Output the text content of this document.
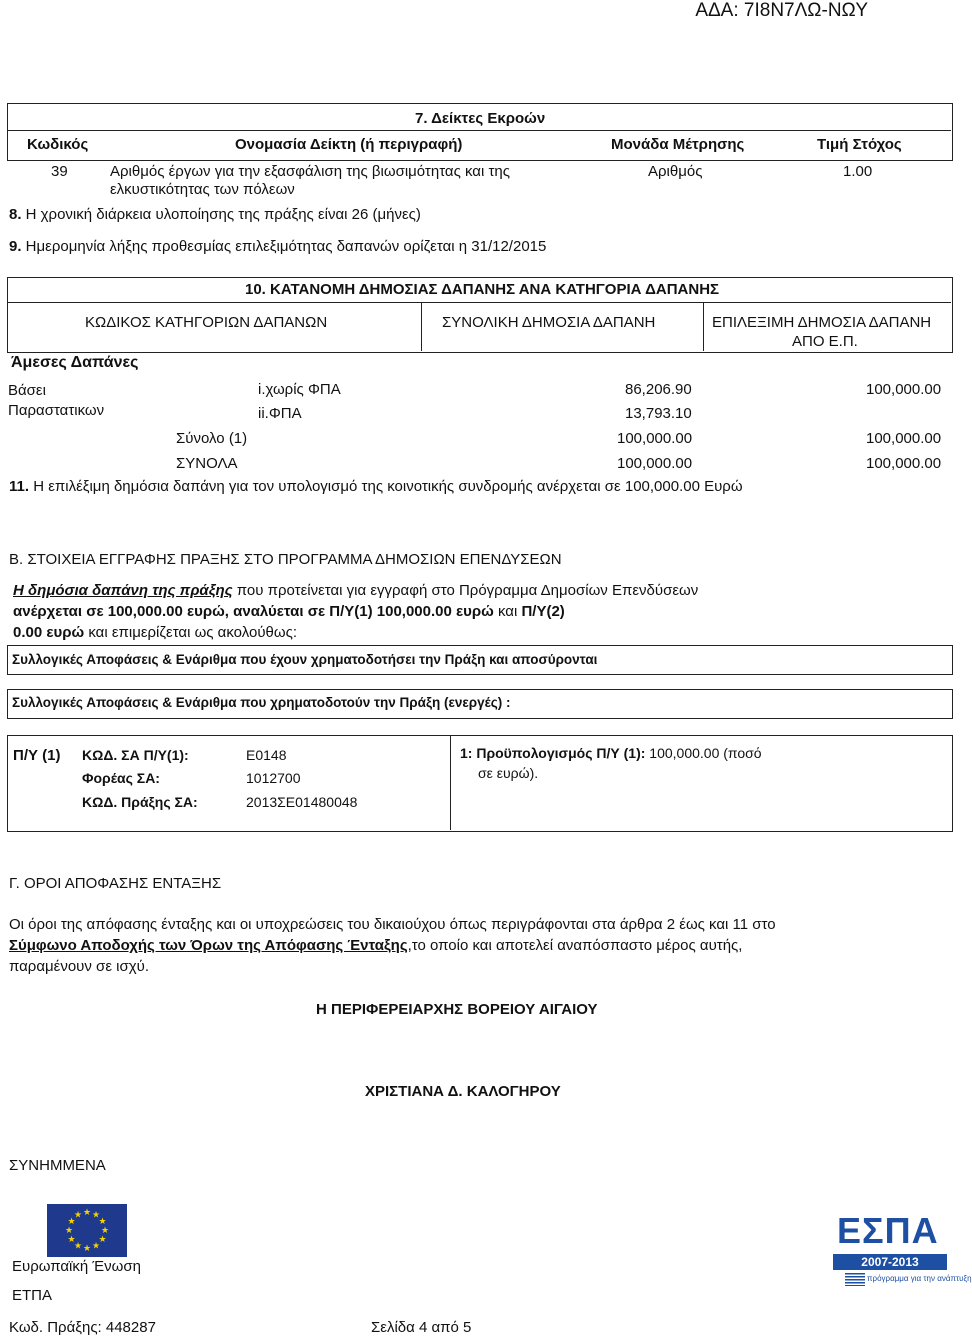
ΑΔΑ: 7Ι8Ν7ΛΩ-ΝΩΥ
7. Δείκτες Εκροών
Κωδικός	Ονομασία Δείκτη (ή περιγραφή)	Μονάδα Μέτρησης	Τιμή Στόχος
39	Αριθμός έργων για την εξασφάλιση της βιωσιμότητας και της
ελκυστικότητας των πόλεων
Αριθμός	1.00
8. Η χρονική διάρκεια υλοποίησης της πράξης είναι 26 (μήνες)
9. Ημερομηνία λήξης προθεσμίας επιλεξιμότητας δαπανών ορίζεται η 31/12/2015
10. ΚΑΤΑΝΟΜΗ ΔΗΜΟΣΙΑΣ ΔΑΠΑΝΗΣ ΑΝΑ ΚΑΤΗΓΟΡΙΑ ΔΑΠΑΝΗΣ
ΚΩΔΙΚΟΣ ΚΑΤΗΓΟΡΙΩΝ ΔΑΠΑΝΩΝ	ΣΥΝΟΛΙΚΗ ΔΗΜΟΣΙΑ ΔΑΠΑΝΗ	ΕΠΙΛΕΞΙΜΗ ΔΗΜΟΣΙΑ ΔΑΠΑΝΗ
ΑΠΟ Ε.Π.
Άμεσες Δαπάνες
Βάσει
Παραστατικων
i.χωρίς ΦΠΑ	86,206.90	100,000.00
ii.ΦΠΑ	13,793.10
Σύνολο (1)	100,000.00	100,000.00
ΣΥΝΟΛΑ	100,000.00	100,000.00
11. Η επιλέξιμη δημόσια δαπάνη για τον υπολογισμό της κοινοτικής συνδρομής ανέρχεται σε 100,000.00 Ευρώ
Β. ΣΤΟΙΧΕΙΑ ΕΓΓΡΑΦΗΣ ΠΡΑΞΗΣ ΣΤΟ ΠΡΟΓΡΑΜΜΑ ΔΗΜΟΣΙΩΝ ΕΠΕΝΔΥΣΕΩΝ
Η δημόσια δαπάνη της πράξης που προτείνεται για εγγραφή στο Πρόγραμμα Δημοσίων Επενδύσεων
ανέρχεται σε 100,000.00 ευρώ, αναλύεται σε Π/Υ(1) 100,000.00 ευρώ και Π/Υ(2)
0.00 ευρώ και επιμερίζεται ως ακολούθως:
Συλλογικές Αποφάσεις & Ενάριθμα που έχουν χρηματοδοτήσει την Πράξη και αποσύρονται
Συλλογικές Αποφάσεις & Ενάριθμα που χρηματοδοτούν την Πράξη (ενεργές) :
Π/Υ (1) ΚΩΔ. ΣΑ Π/Υ(1):	Ε0148
Φορέας ΣΑ:	1012700
ΚΩΔ. Πράξης ΣΑ:	2013ΣΕ01480048
1: Προϋπολογισμός Π/Υ (1): 100,000.00 (ποσό
σε ευρώ).
Γ. ΟΡΟΙ ΑΠΟΦΑΣΗΣ ΕΝΤΑΞΗΣ
Οι όροι της απόφασης ένταξης και οι υποχρεώσεις του δικαιούχου όπως περιγράφονται στα άρθρα 2 έως και 11 στο
Σύμφωνο Αποδοχής των Όρων της Απόφασης Ένταξης,το οποίο και αποτελεί αναπόσπαστο μέρος αυτής,
παραμένουν σε ισχύ.
Η ΠΕΡΙΦΕΡΕΙΑΡΧΗΣ ΒΟΡΕΙΟΥ ΑΙΓΑΙΟΥ
ΧΡΙΣΤΙΑΝΑ Δ. ΚΑΛΟΓΗΡΟΥ
ΣΥΝΗΜΜΕΝΑ
★ ★
★
★
★
★
★
★
★
★
★
★
Ευρωπαϊκή Ένωση
ΕΤΠΑ
ΕΣΠΑ
2007-2013
πρόγραμμα για την ανάπτυξη
Κωδ. Πράξης: 448287	Σελίδα 4 από 5
